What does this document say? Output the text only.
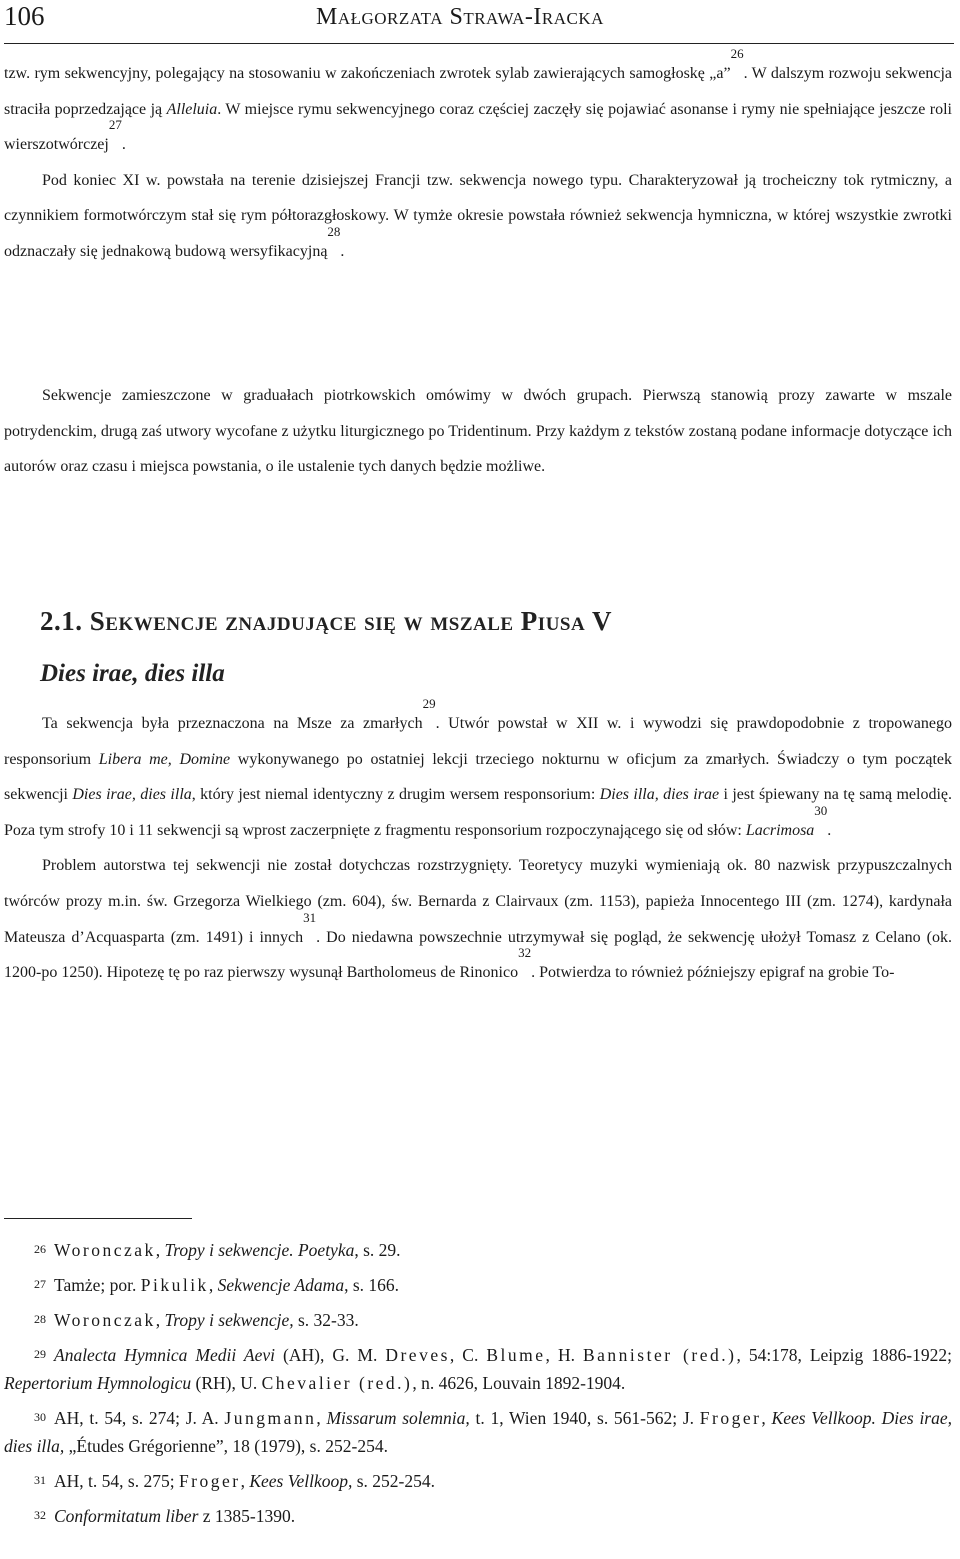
106	Małgorzata Strawa-Iracka

tzw. rym sekwencyjny, polegający na stosowaniu w zakończeniach zwrotek sylab zawierających samogłoskę „a”$^{26}$. W dalszym rozwoju sekwencja straciła poprzedzające ją Alleluia. W miejsce rymu sekwencyjnego coraz częściej zaczęły się pojawiać asonanse i rymy nie spełniające jeszcze roli wierszotwórczej$^{27}$.
Pod koniec XI w. powstała na terenie dzisiejszej Francji tzw. sekwencja nowego typu. Charakteryzował ją trocheiczny tok rytmiczny, a czynnikiem formotwórczym stał się rym półtorazgłoskowy. W tymże okresie powstała również sekwencja hymniczna, w której wszystkie zwrotki odznaczały się jednakową budową wersyfikacyjną$^{28}$.

Sekwencje zamieszczone w graduałach piotrkowskich omówimy w dwóch grupach. Pierwszą stanowią prozy zawarte w mszale potrydenckim, drugą zaś utwory wycofane z użytku liturgicznego po Tridentinum. Przy każdym z tekstów zostaną podane informacje dotyczące ich autorów oraz czasu i miejsca powstania, o ile ustalenie tych danych będzie możliwe.

2.1. Sekwencje znajdujące się w mszale Piusa V
Dies irae, dies illa

Ta sekwencja była przeznaczona na Msze za zmarłych$^{29}$. Utwór powstał w XII w. i wywodzi się prawdopodobnie z tropowanego responsorium Libera me, Domine wykonywanego po ostatniej lekcji trzeciego nokturnu w oficjum za zmarłych. Świadczy o tym początek sekwencji Dies irae, dies illa, który jest niemal identyczny z drugim wersem responsorium: Dies illa, dies irae i jest śpiewany na tę samą melodię. Poza tym strofy 10 i 11 sekwencji są wprost zaczerpnięte z fragmentu responsorium rozpoczynającego się od słów: Lacrimosa$^{30}$.

Problem autorstwa tej sekwencji nie został dotychczas rozstrzygnięty. Teoretycy muzyki wymieniają ok. 80 nazwisk przypuszczalnych twórców prozy m.in. św. Grzegorza Wielkiego (zm. 604), św. Bernarda z Clairvaux (zm. 1153), papieża Innocentego III (zm. 1274), kardynała Mateusza d’Acquasparta (zm. 1491) i innych$^{31}$. Do niedawna powszechnie utrzymywał się pogląd, że sekwencję ułożył Tomasz z Celano (ok. 1200-po 1250). Hipotezę tę po raz pierwszy wysunął Bartholomeus de Rinonico$^{32}$. Potwierdza to również późniejszy epigraf na grobie To-

26 Woronczak, Tropy i sekwencje. Poetyka, s. 29.

27 Tamże; por. Pikulik, Sekwencje Adama, s. 166.

28 Woronczak, Tropy i sekwencje, s. 32-33.

29 Analecta Hymnica Medii Aevi (AH), G. M. Dreves, C. Blume, H. Bannister (red.), 54:178, Leipzig 1886-1922; Repertorium Hymnologicu (RH), U. Chevalier (red.), n. 4626, Louvain 1892-1904.

30 AH, t. 54, s. 274; J. A. Jungmann, Missarum solemnia, t. 1, Wien 1940, s. 561-562; J. Froger, Kees Vellkoop. Dies irae, dies illa, „Études Grégorienne”, 18 (1979), s. 252-254.

31 AH, t. 54, s. 275; Froger, Kees Vellkoop, s. 252-254.

32 Conformitatum liber z 1385-1390.
